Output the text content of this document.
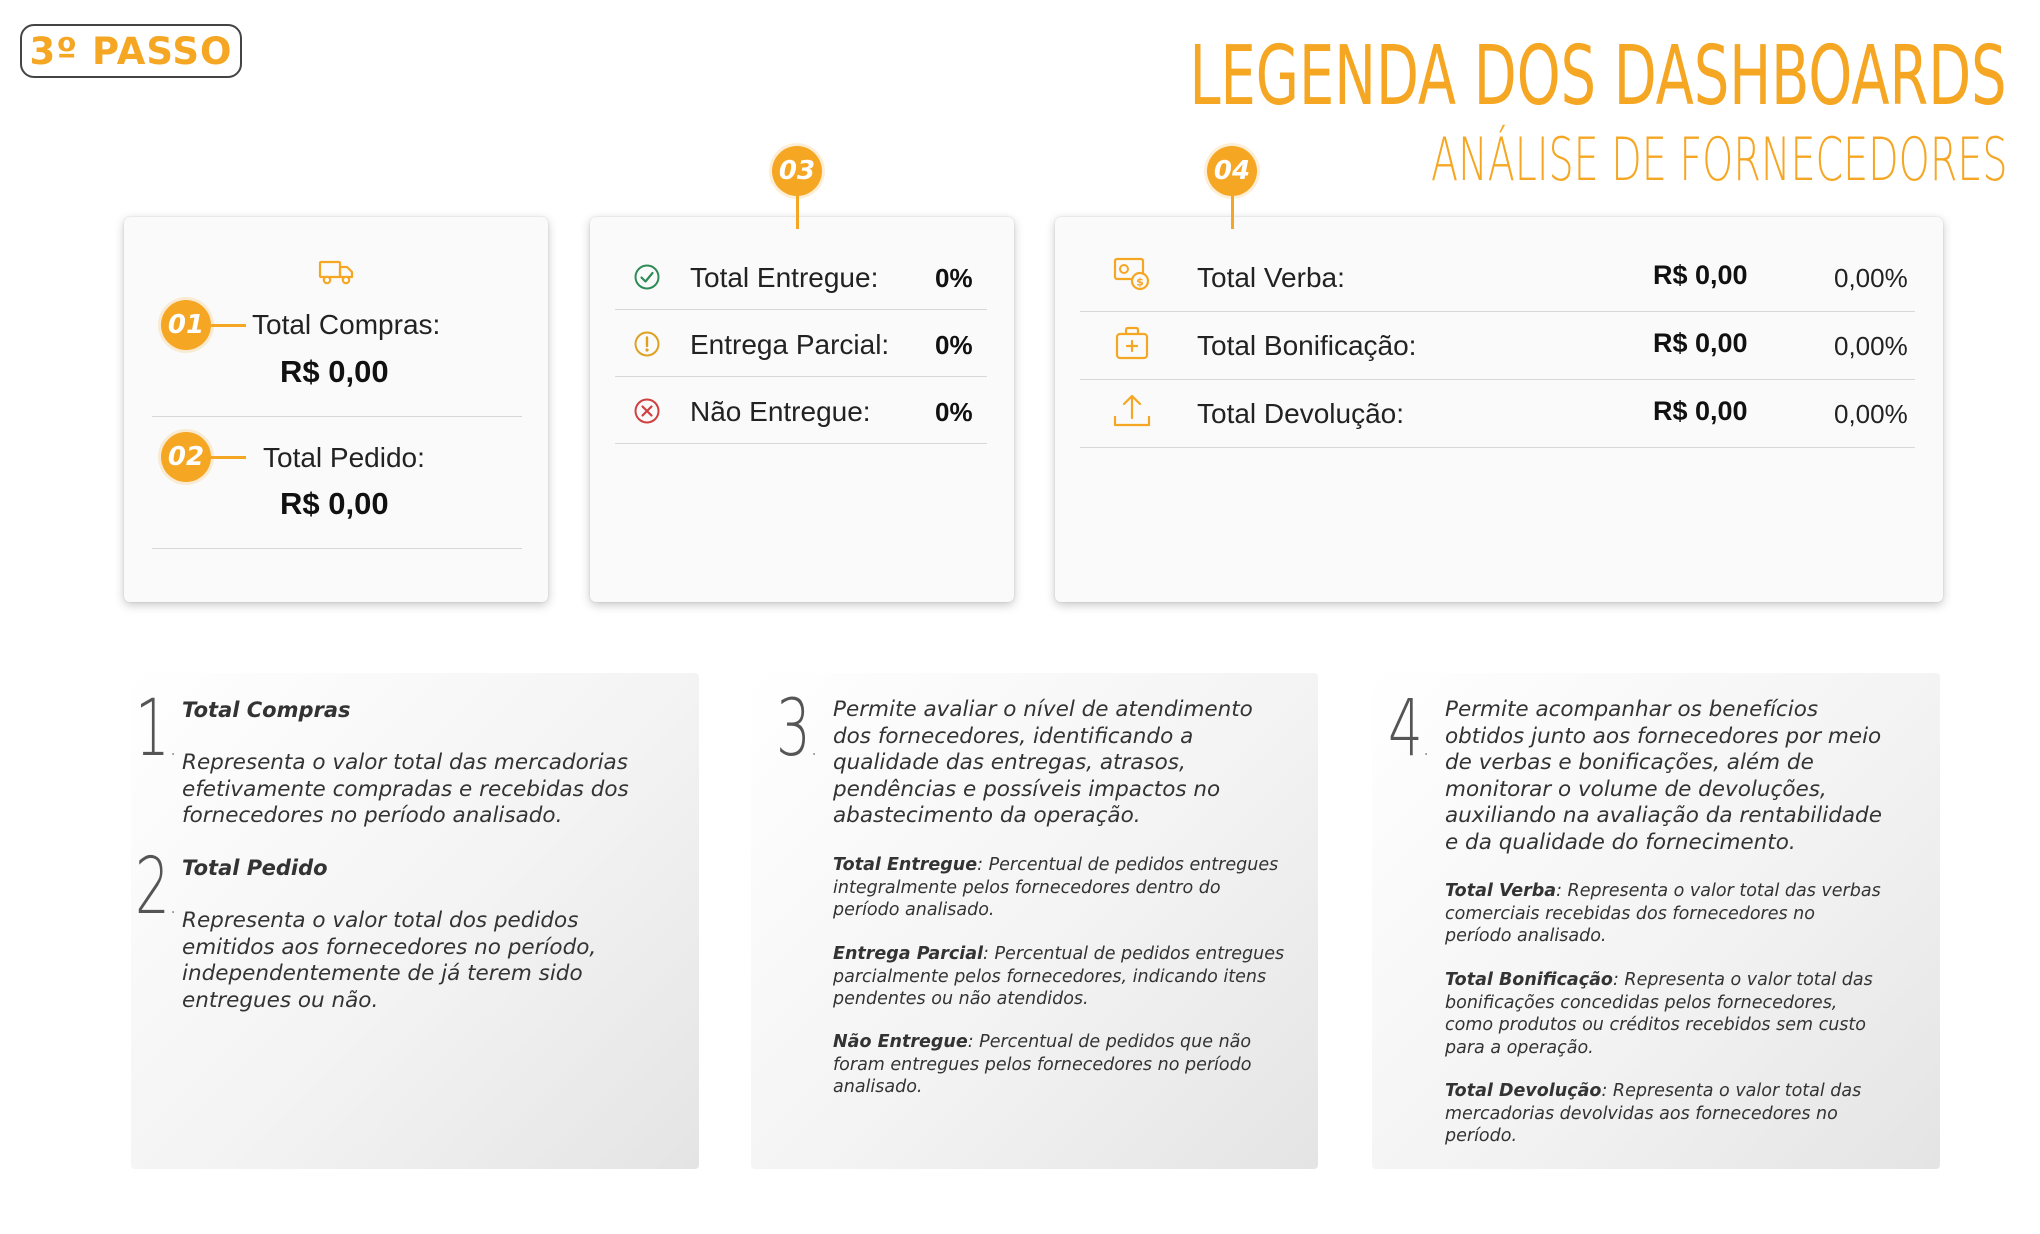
3º PASSO	LEGENDA DOS DASHBOARDS
ANÁLISE DE FORNECEDORES
01 Total Compras:
R$ 0,00
02 Total Pedido:
R$ 0,00
03
Total Entregue: 0%
Entrega Parcial: 0%
Não Entregue: 0%
04
$ Total Verba:	R$ 0,00	0,00%
Total Bonificação:	R$ 0,00	0,00%
Total Devolução:	R$ 0,00	0,00%
1.
Total Compras
Representa o valor total das mercadorias
efetivamente compradas e recebidas dos
fornecedores no período analisado.
2.
Total Pedido
Representa o valor total dos pedidos
emitidos aos fornecedores no período,
independentemente de já terem sido
entregues ou não.
3.
Permite avaliar o nível de atendimento
dos fornecedores, identificando a
qualidade das entregas, atrasos,
pendências e possíveis impactos no
abastecimento da operação.
Total Entregue: Percentual de pedidos entregues
integralmente pelos fornecedores dentro do
período analisado.
Entrega Parcial: Percentual de pedidos entregues
parcialmente pelos fornecedores, indicando itens
pendentes ou não atendidos.
Não Entregue: Percentual de pedidos que não
foram entregues pelos fornecedores no período
analisado.
4.
Permite acompanhar os benefícios
obtidos junto aos fornecedores por meio
de verbas e bonificações, além de
monitorar o volume de devoluções,
auxiliando na avaliação da rentabilidade
e da qualidade do fornecimento.
Total Verba: Representa o valor total das verbas
comerciais recebidas dos fornecedores no
período analisado.
Total Bonificação: Representa o valor total das
bonificações concedidas pelos fornecedores,
como produtos ou créditos recebidos sem custo
para a operação.
Total Devolução: Representa o valor total das
mercadorias devolvidas aos fornecedores no
período.
